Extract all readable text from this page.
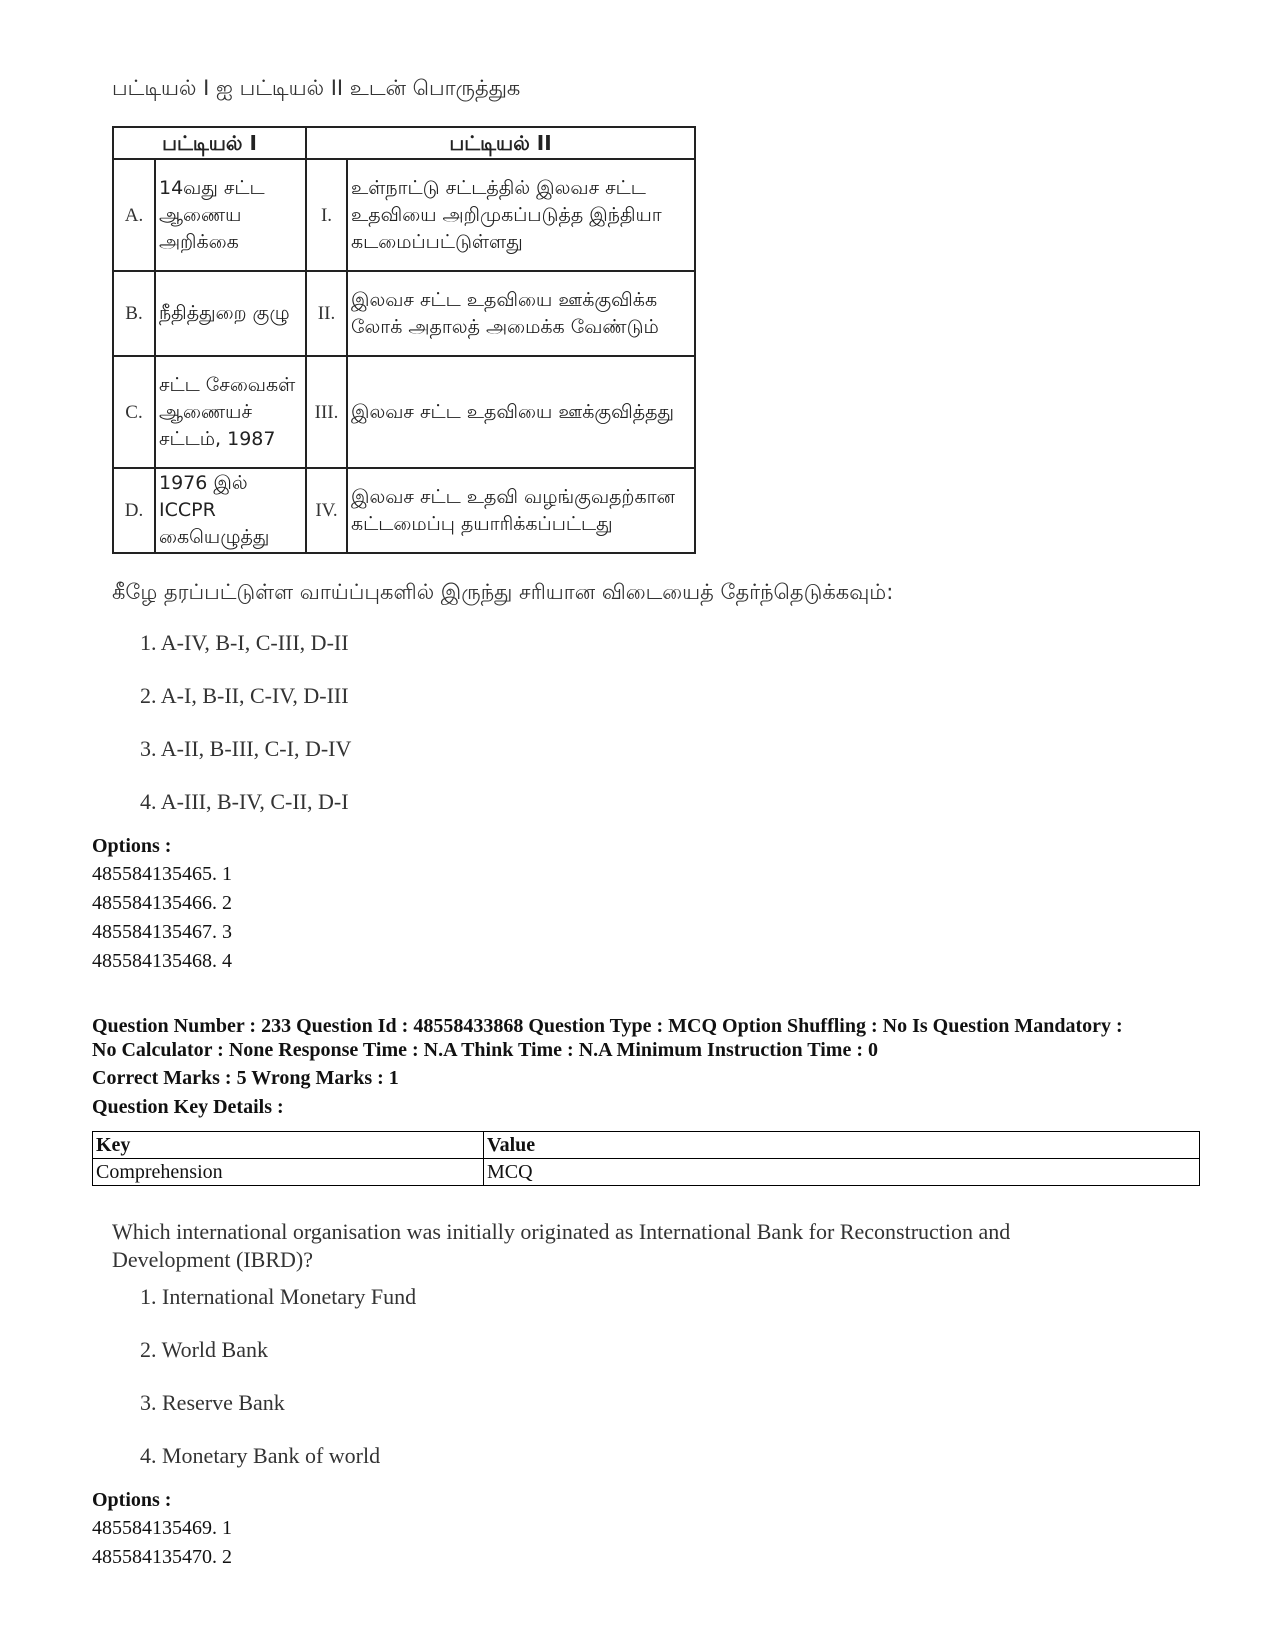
பட்டியல் I ஐ பட்டியல் II உடன் பொருத்துக
பட்டியல் I		பட்டியல் II	
A.	14வது சட்ட ஆணைய அறிக்கை	I.	உள்நாட்டு சட்டத்தில் இலவச சட்ட உதவியை அறிமுகப்படுத்த இந்தியா கடமைப்பட்டுள்ளது
B.	நீதித்துறை குழு	II.	இலவச சட்ட உதவியை ஊக்குவிக்க லோக் அதாலத் அமைக்க வேண்டும்
C.	சட்ட சேவைகள் ஆணையச் சட்டம், 1987	III.	இலவச சட்ட உதவியை ஊக்குவித்தது
D.	1976 இல் ICCPR கையெழுத்து	IV.	இலவச சட்ட உதவி வழங்குவதற்கான கட்டமைப்பு தயாரிக்கப்பட்டது
கீழே தரப்பட்டுள்ள வாய்ப்புகளில் இருந்து சரியான விடையைத் தேர்ந்தெடுக்கவும்:
1. A-IV, B-I, C-III, D-II
2. A-I, B-II, C-IV, D-III
3. A-II, B-III, C-I, D-IV
4. A-III, B-IV, C-II, D-I
Options :
485584135465. 1
485584135466. 2
485584135467. 3
485584135468. 4
Question Number : 233 Question Id : 48558433868 Question Type : MCQ Option Shuffling : No Is Question Mandatory :
No Calculator : None Response Time : N.A Think Time : N.A Minimum Instruction Time : 0
Correct Marks : 5 Wrong Marks : 1
Question Key Details :
Key	Value
Comprehension	MCQ
Which international organisation was initially originated as International Bank for Reconstruction and Development (IBRD)?
1. International Monetary Fund
2. World Bank
3. Reserve Bank
4. Monetary Bank of world
Options :
485584135469. 1
485584135470. 2
